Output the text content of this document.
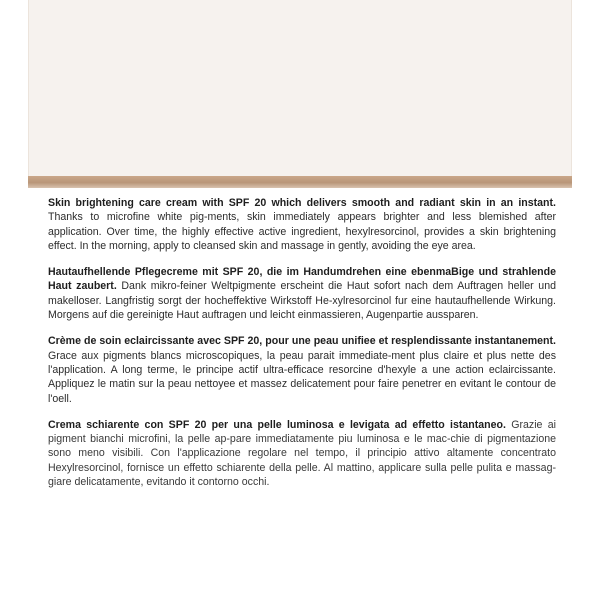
Skin brightening care cream with SPF 20 which delivers smooth and radiant skin in an instant. Thanks to microfine white pig-ments, skin immediately appears brighter and less blemished after application. Over time, the highly effective active ingredient, hexylresorcinol, provides a skin brightening effect. In the morning, apply to cleansed skin and massage in gently, avoiding the eye area.

Hautaufhellende Pflegecreme mit SPF 20, die im Handumdrehen eine ebenmaBige und strahlende Haut zaubert. Dank mikro-feiner Weltpigmente erscheint die Haut sofort nach dem Auftragen heller und makelloser. Langfristig sorgt der hocheffektive Wirkstoff He-xylresorcinol fur eine hautaufhellende Wirkung. Morgens auf die gereinigte Haut auftragen und leicht einmassieren, Augenpartie aussparen.

Crème de soin eclaircissante avec SPF 20, pour une peau unifiee et resplendissante instantanement. Grace aux pigments blancs microscopiques, la peau parait immediate-ment plus claire et plus nette des l'application. A long terme, le principe actif ultra-efficace resorcine d'hexyle a une action eclaircissante. Appliquez le matin sur la peau nettoyee et massez delicatement pour faire penetrer en evitant le contour de l'oell.

Crema schiarente con SPF 20 per una pelle luminosa e levigata ad effetto istantaneo. Grazie ai pigment bianchi microfini, la pelle ap-pare immediatamente piu luminosa e le mac-chie di pigmentazione sono meno visibili. Con l'applicazione regolare nel tempo, il principio attivo altamente concentrato Hexylresorcinol, fornisce un effetto schiarente della pelle. Al mattino, applicare sulla pelle pulita e massag-giare delicatamente, evitando it contorno occhi.
